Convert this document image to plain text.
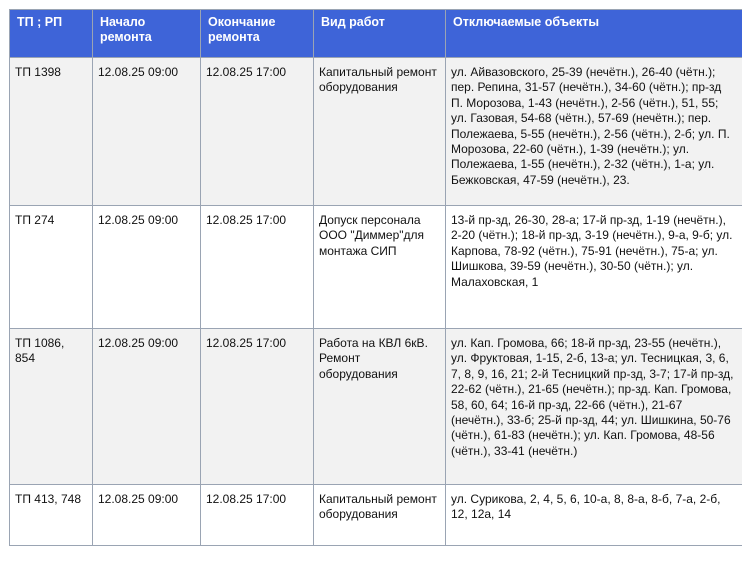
ТП ; РП	Начало ремонта	Окончание ремонта	Вид работ	Отключаемые объекты
ТП 1398	12.08.25 09:00	12.08.25 17:00	Капитальный ремонт оборудования	ул. Айвазовского, 25-39 (нечётн.), 26-40 (чётн.); пер. Репина, 31-57 (нечётн.), 34-60 (чётн.); пр-зд П. Морозова, 1-43 (нечётн.), 2-56 (чётн.), 51, 55; ул. Газовая, 54-68 (чётн.), 57-69 (нечётн.); пер. Полежаева, 5-55 (нечётн.), 2-56 (чётн.), 2-б; ул. П. Морозова, 22-60 (чётн.), 1-39 (нечётн.); ул. Полежаева, 1-55 (нечётн.), 2-32 (чётн.), 1-а; ул. Бежковская, 47-59 (нечётн.), 23.
ТП 274	12.08.25 09:00	12.08.25 17:00	Допуск персонала ООО "Диммер"для монтажа СИП	13-й пр-зд, 26-30, 28-а; 17-й пр-зд, 1-19 (нечётн.), 2-20 (чётн.); 18-й пр-зд, 3-19 (нечётн.), 9-а, 9-б; ул. Карпова, 78-92 (чётн.), 75-91 (нечётн.), 75-а; ул. Шишкова, 39-59 (нечётн.), 30-50 (чётн.); ул. Малаховская, 1
ТП 1086, 854	12.08.25 09:00	12.08.25 17:00	Работа на КВЛ 6кВ. Ремонт оборудования	ул. Кап. Громова, 66; 18-й пр-зд, 23-55 (нечётн.), ул. Фруктовая, 1-15, 2-б, 13-а; ул. Тесницкая, 3, 6, 7, 8, 9, 16, 21; 2-й Тесницкий пр-зд, 3-7; 17-й пр-зд, 22-62 (чётн.), 21-65 (нечётн.); пр-зд. Кап. Громова, 58, 60, 64; 16-й пр-зд, 22-66 (чётн.), 21-67 (нечётн.), 33-б; 25-й пр-зд, 44; ул. Шишкина, 50-76 (чётн.), 61-83 (нечётн.); ул. Кап. Громова, 48-56 (чётн.), 33-41 (нечётн.)
ТП 413, 748	12.08.25 09:00	12.08.25 17:00	Капитальный ремонт оборудования	ул. Сурикова, 2, 4, 5, 6, 10-а, 8, 8-а, 8-б, 7-а, 2-б, 12, 12а, 14
